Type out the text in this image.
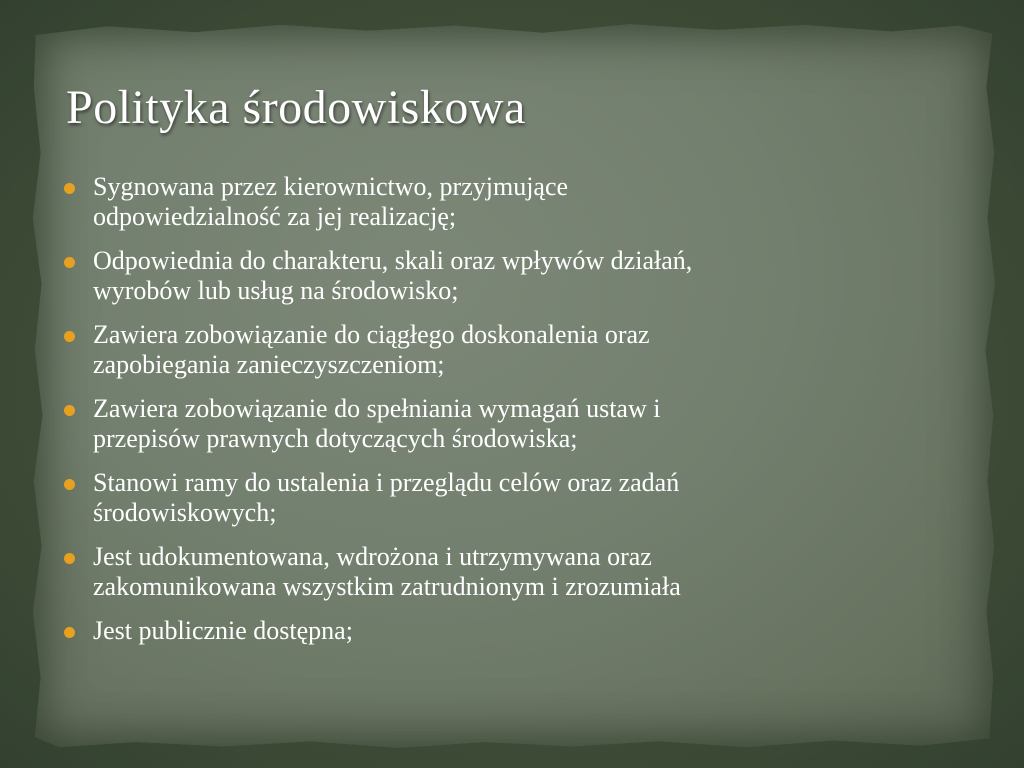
Polityka środowiskowa
Sygnowana przez kierownictwo, przyjmujące
odpowiedzialność za jej realizację;
Odpowiednia do charakteru, skali oraz wpływów działań,
wyrobów lub usług na środowisko;
Zawiera zobowiązanie do ciągłego doskonalenia oraz
zapobiegania zanieczyszczeniom;
Zawiera zobowiązanie do spełniania wymagań ustaw i
przepisów prawnych dotyczących środowiska;
Stanowi ramy do ustalenia i przeglądu celów oraz zadań
środowiskowych;
Jest udokumentowana, wdrożona i utrzymywana oraz
zakomunikowana wszystkim zatrudnionym i zrozumiała
Jest publicznie dostępna;
